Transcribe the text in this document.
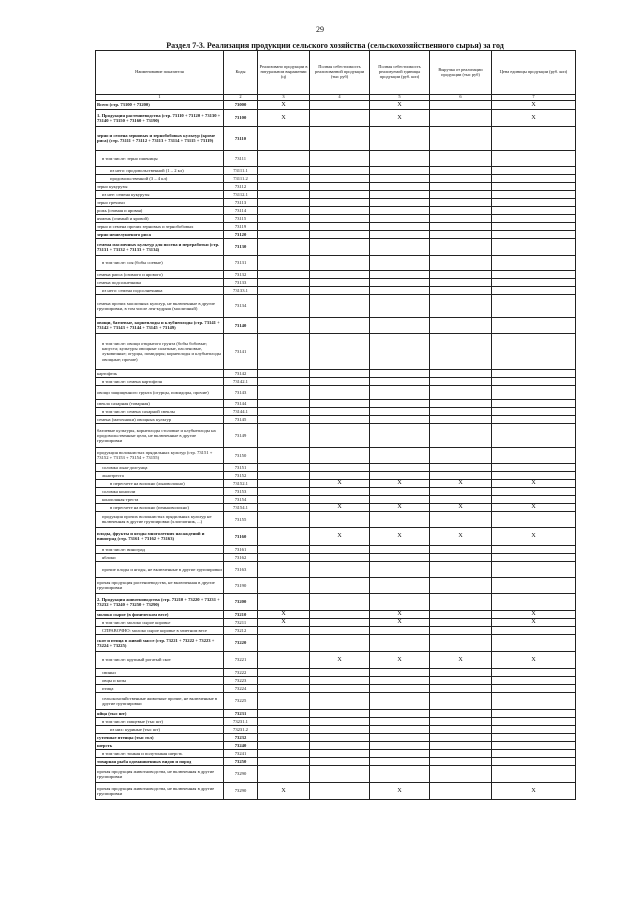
29
Раздел 7-3. Реализация продукции сельского хозяйства (сельскохозяйственного сырья) за год
Наименование показателя	Коды	Реализовано продукции в натуральном выражении (ц)	Полная себестоимость реализованной продукции (тыс руб)	Полная себестоимость реализуемой единицы продукции (руб. коп)	Выручка от реализации продукции (тыс руб)	Цена единицы продукции (руб. коп)
1	2	3	4	5	6	7
Всего (стр. 73100 + 73200)	73000	X		X		X
1. Продукция растениеводства (стр. 73110 + 73120 + 73130 + 73140 + 73150 + 73160 + 73190)	73100	X		X		X
зерно и семена зерновых и зернобобовых культур (кроме риса) (стр. 73111 + 73112 + 73113 + 73114 + 73115 + 73119)	73110					
в том числе: зерно пшеницы	73111					
из него: продовольственной (1 – 2 кл)	73111.1					
продовольственной (3 – 4 кл)	73111.2					
зерно кукурузы	73112					
из нее: семена кукурузы	73112.1					
зерно гречихи	73113					
рожь (озимая и яровая)	73114					
ячмень (озимый и яровой)	73115					
зерно и семена прочих зерновых и зернобобовых	73119					
зерно нешелушеного риса	73120					
семена масличных культур для посева и переработки (стр. 73131 + 73132 + 73133 + 73134)	73130					
в том числе: соя (бобы соевые)	73131					
семена рапса (озимого и ярового)	73132					
семена подсолнечника	73133					
из него: семена подсолнечника	73133.1					
семена прочих масличных культур, не включенные в другие группировки, в том числе лен-кудряш (масличный)	73134					
овощи, бахчевые, корнеплоды и клубнеплоды (стр. 73141 + 73142 + 73143 + 73144 + 73145 + 73149)	73140					
в том числе: овощи открытого грунта (бобы бобовые; капуста; культуры овощные салатные, пасленовые, луковичные; огурцы, помидоры; корнеплоды и клубнеплоды овощные; прочие)	73141					
картофель	73142					
в том числе: семена картофеля	73142.1					
овощи защищенного грунта (огурцы, помидоры, прочие)	73143					
свекла сахарная (товарная)	73144					
в том числе: семена сахарной свеклы	73144.1					
семена (маточники) овощных культур	73145					
бахчевые культуры, корнеплоды столовые и клубнеплоды на продовольственные цели, не включенные в другие группировки	73149					
продукция волокнистых прядильных культур (стр. 73151 + 73152 + 73153 + 73154 + 73155)	73150					
соломка льна-долгунца	73151					
льнотреста	73152					
в пересчете на волокно (льноволокно)	73152.1		X	X	X	X
соломка конопли	73153					
конопляная треста	73154					
в пересчете на волокно (пеньковолокно)	73154.1		X	X	X	X
продукция прочих волокнистых прядильных культур не включенная в другие группировки (хлопчатник, ...)	73155					
плоды, фрукты и ягоды многолетних насаждений и виноград (стр. 73161 + 73162 + 73163)	73160		X	X	X	X
в том числе: виноград	73161					
яблоки	73162					
прочие плоды и ягоды, не включенные в другие группировки	73163					
прочая продукция растениеводства, не включенная в другие группировки	73190					
2. Продукция животноводства (стр. 73210 + 73220 + 73231 + 73232 + 73240 + 73250 + 73290)	73200					
молоко сырое (в физическом весе)	73210	X		X		X
в том числе: молоко сырое коровье	73211	X		X		X
СПРАВОЧНО: молоко сырое коровье в зачетном весе	73212					
скот и птица в живой массе (стр. 73221 + 73222 + 73223 + 73224 + 73225)	73220					
в том числе: крупный рогатый скот	73221		X	X	X	X
свиньи	73222					
овцы и козы	73223					
птица	73224					
сельскохозяйственные животные прочие, не включенные в другие группировки	73225					
яйца (тыс шт)	73231					
в том числе: пищевые (тыс шт)	73231.1					
из них: куриные (тыс шт)	73231.2					
суточные птенцы (тыс гол)	73232					
шерсть	73240					
в том числе: тонкая и полутонкая шерсть	73241					
товарная рыба одомашненных видов и пород	73250					
прочая продукция животноводства, не включенная в другие группировки	73290					
прочая продукция животноводства, не включенная в другие группировки	73290	X		X		X
